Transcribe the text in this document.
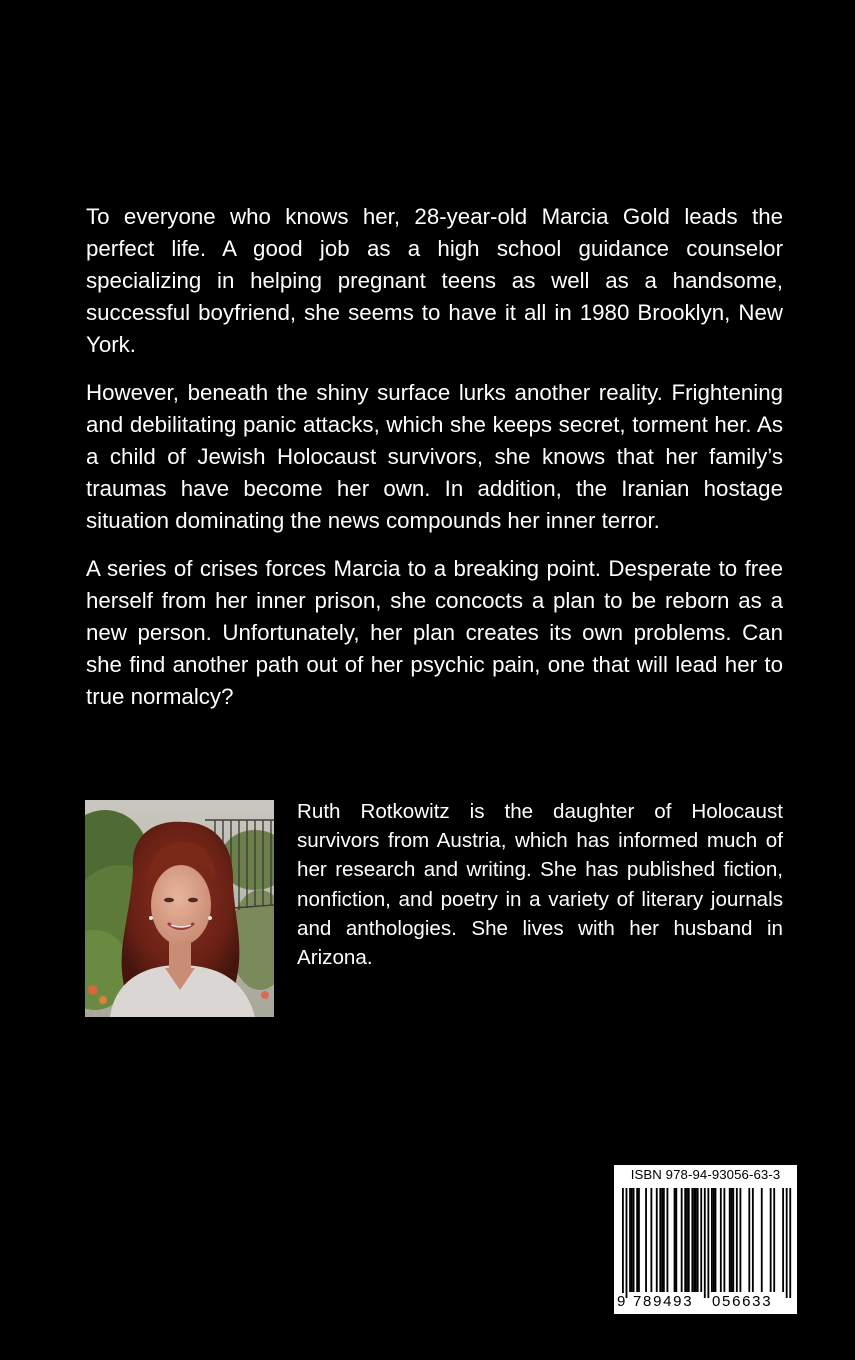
To everyone who knows her, 28-year-old Marcia Gold leads the perfect life. A good job as a high school guidance counselor specializing in helping pregnant teens as well as a handsome, successful boyfriend, she seems to have it all in 1980 Brooklyn, New York.

However, beneath the shiny surface lurks another reality. Frightening and debilitating panic attacks, which she keeps secret, torment her. As a child of Jewish Holocaust survivors, she knows that her family’s traumas have become her own. In addition, the Iranian hostage situation dominating the news compounds her inner terror.

A series of crises forces Marcia to a breaking point. Desperate to free herself from her inner prison, she concocts a plan to be reborn as a new person. Unfortunately, her plan creates its own problems. Can she find another path out of her psychic pain, one that will lead her to true normalcy?

Ruth Rotkowitz is the daughter of Holocaust survivors from Austria, which has informed much of her research and writing. She has published fiction, nonfiction, and poetry in a variety of literary journals and anthologies. She lives with her husband in Arizona.

ISBN 978-94-93056-63-3
9 789493 056633
